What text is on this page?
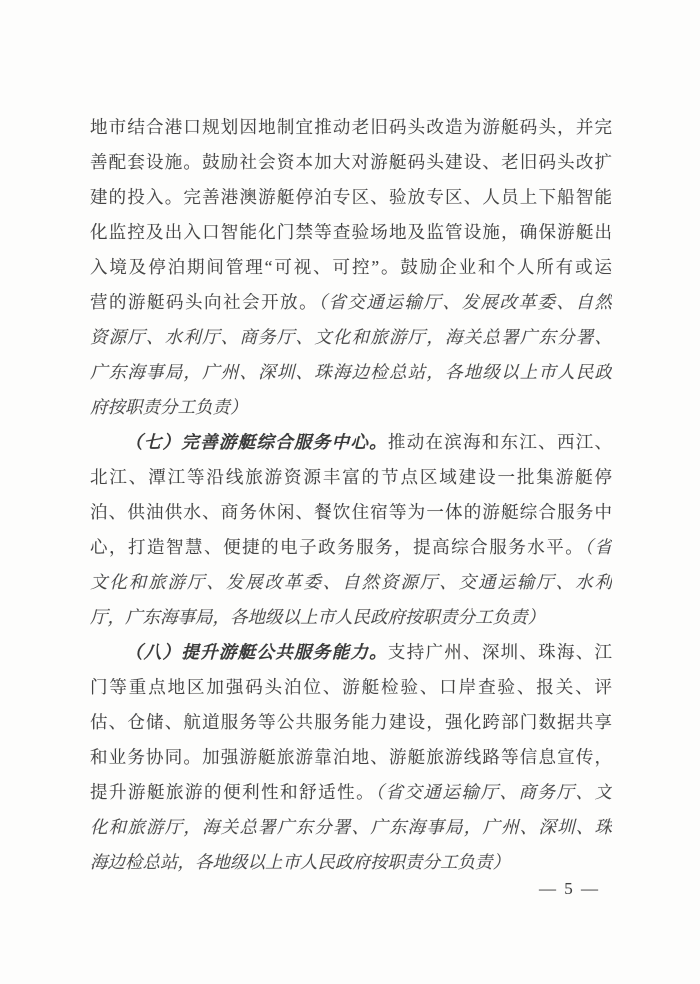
地市结合港口规划因地制宜推动老旧码头改造为游艇码头，并完
善配套设施。鼓励社会资本加大对游艇码头建设、老旧码头改扩
建的投入。完善港澳游艇停泊专区、验放专区、人员上下船智能
化监控及出入口智能化门禁等查验场地及监管设施，确保游艇出
入境及停泊期间管理“可视、可控”。鼓励企业和个人所有或运
营的游艇码头向社会开放。（省交通运输厅、发展改革委、自然
资源厅、水利厅、商务厅、文化和旅游厅，海关总署广东分署、
广东海事局，广州、深圳、珠海边检总站，各地级以上市人民政
府按职责分工负责）
（七）完善游艇综合服务中心。推动在滨海和东江、西江、
北江、潭江等沿线旅游资源丰富的节点区域建设一批集游艇停
泊、供油供水、商务休闲、餐饮住宿等为一体的游艇综合服务中
心，打造智慧、便捷的电子政务服务，提高综合服务水平。（省
文化和旅游厅、发展改革委、自然资源厅、交通运输厅、水利
厅，广东海事局，各地级以上市人民政府按职责分工负责）
（八）提升游艇公共服务能力。支持广州、深圳、珠海、江
门等重点地区加强码头泊位、游艇检验、口岸查验、报关、评
估、仓储、航道服务等公共服务能力建设，强化跨部门数据共享
和业务协同。加强游艇旅游靠泊地、游艇旅游线路等信息宣传，
提升游艇旅游的便利性和舒适性。（省交通运输厅、商务厅、文
化和旅游厅，海关总署广东分署、广东海事局，广州、深圳、珠
海边检总站，各地级以上市人民政府按职责分工负责）
— 5 —
